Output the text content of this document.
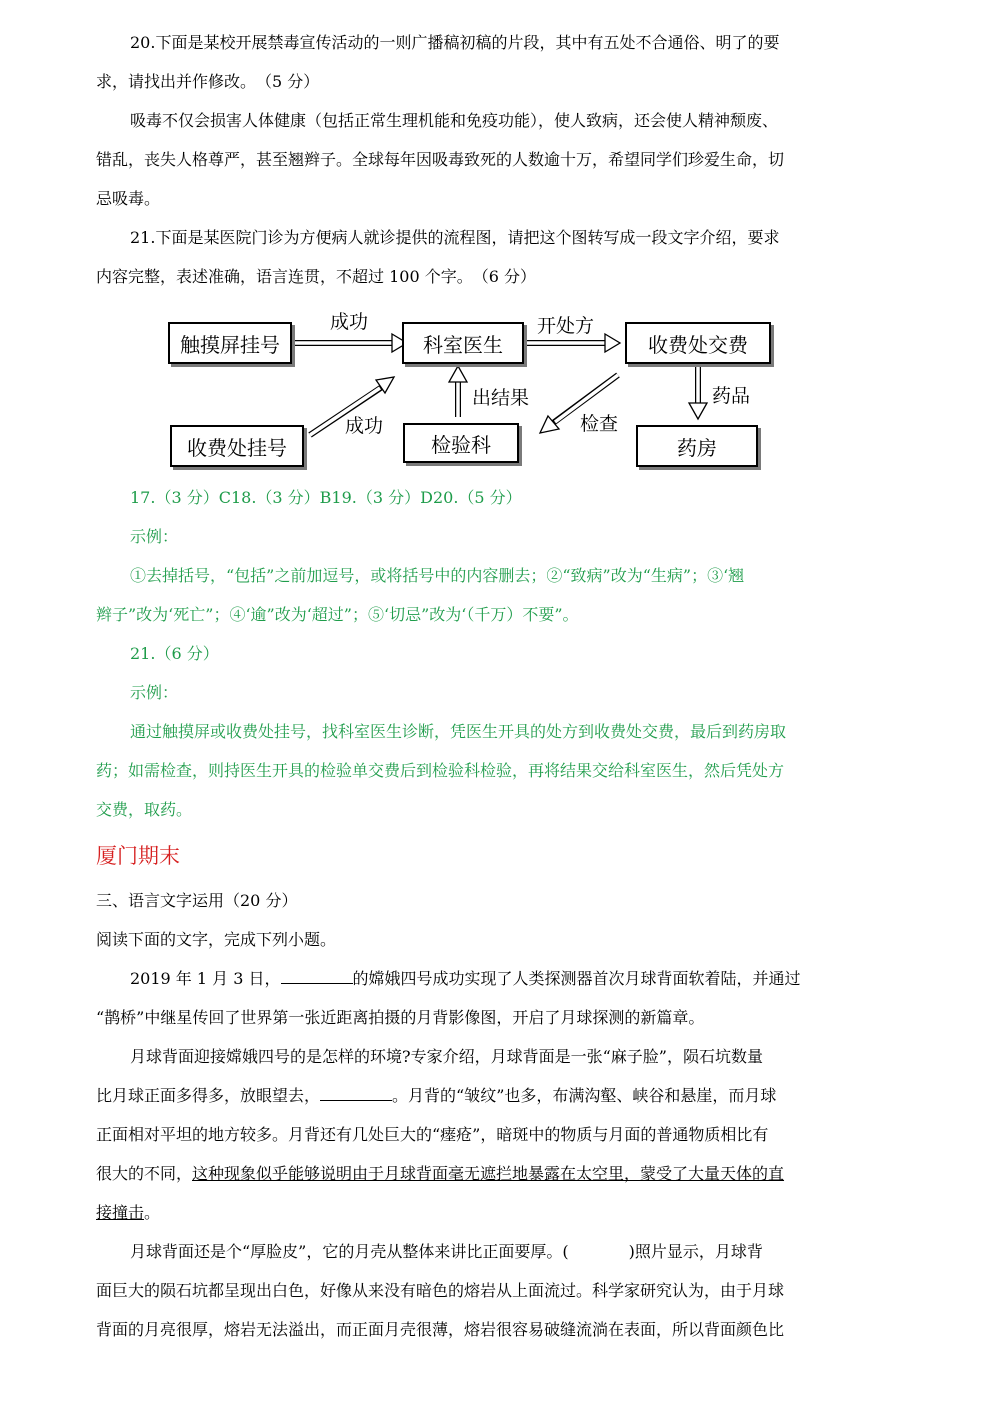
20.下面是某校开展禁毒宣传活动的一则广播稿初稿的片段，其中有五处不合通俗、明了的要
求，请找出并作修改。　（5 分）
吸毒不仅会损害人体健康（包括正常生理机能和免疫功能），使人致病，还会使人精神颓废、
错乱，丧失人格尊严，甚至翘辫子。全球每年因吸毒致死的人数逾十万，希望同学们珍爱生命，切
忌吸毒。
21.下面是某医院门诊为方便病人就诊提供的流程图，请把这个图转写成一段文字介绍，要求
内容完整，表述准确，语言连贯，不超过 100 个字。　（6 分）
触摸屏挂号	科室医生	收费处交费
收费处挂号	检验科	药房
成功	开处方
成功
出结果
检查
药品
17.（3 分）C18.（3 分）B19.（3 分）D20.（5 分）
示例：
①去掉括号，“包括”之前加逗号，或将括号中的内容删去；②“致病”改为“生病”；③‘翘
辫子”改为‘死亡”；④‘逾”改为‘超过”；⑤‘切忌”改为‘（千万）不要”。
21.（6 分）
示例：
通过触摸屏或收费处挂号，找科室医生诊断，凭医生开具的处方到收费处交费，最后到药房取
药；如需检查，则持医生开具的检验单交费后到检验科检验，再将结果交给科室医生，然后凭处方
交费，取药。
厦门期末
三、语言文字运用（20 分）
阅读下面的文字，完成下列小题。
2019 年 1 月 3 日，	的嫦娥四号成功实现了人类探测器首次月球背面软着陆，并通过
“鹊桥”中继星传回了世界第一张近距离拍摄的月背影像图，开启了月球探测的新篇章。
月球背面迎接嫦娥四号的是怎样的环境?专家介绍，月球背面是一张“麻子脸”，陨石坑数量
比月球正面多得多，放眼望去，	。月背的“皱纹”也多，布满沟壑、峡谷和悬崖，而月球
正面相对平坦的地方较多。月背还有几处巨大的“瘗疮”，暗斑中的物质与月面的普通物质相比有
很大的不同，这种现象似乎能够说明由于月球背面毫无遮拦地暴露在太空里，蒙受了大量天体的直
接撞击。
月球背面还是个“厚脸皮”，它的月壳从整体来讲比正面要厚。(	)照片显示，月球背
面巨大的陨石坑都呈现出白色，好像从来没有暗色的熔岩从上面流过。科学家研究认为，由于月球
背面的月亮很厚，熔岩无法溢出，而正面月壳很薄，熔岩很容易破缝流淌在表面，所以背面颜色比
